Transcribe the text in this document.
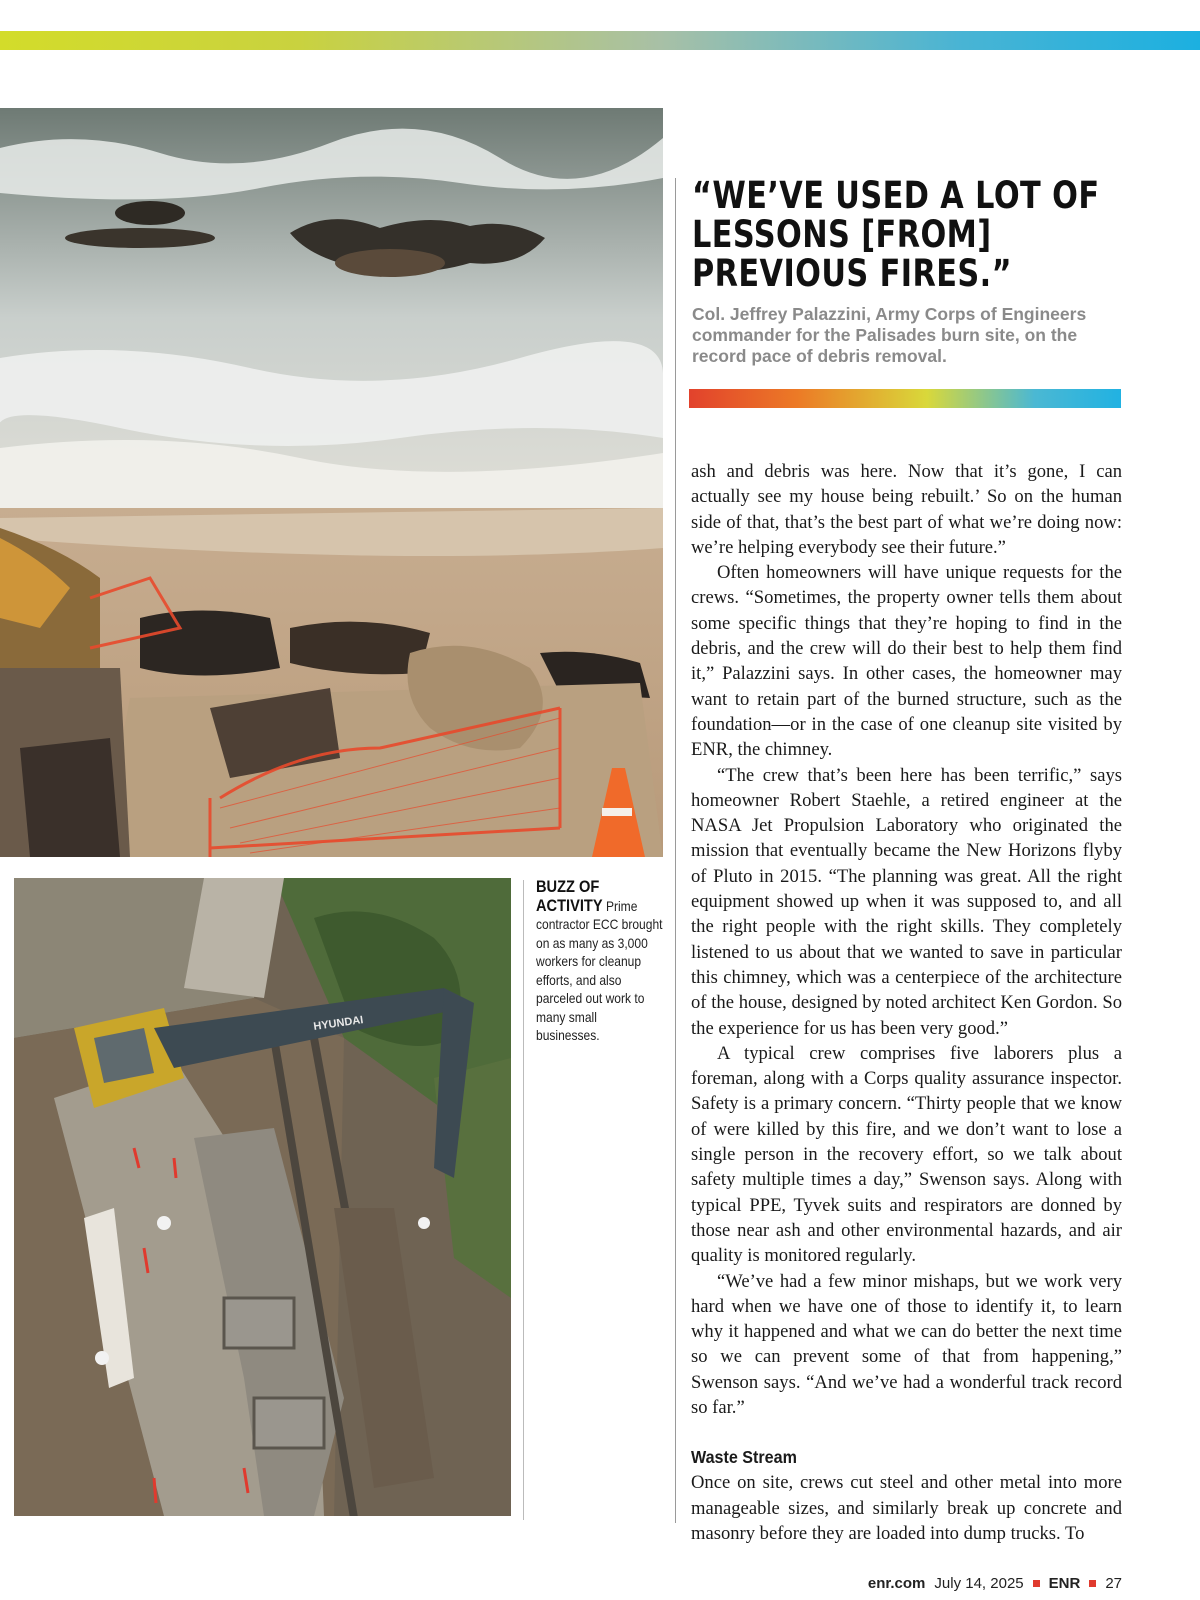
HYUNDAI
BUZZ OF ACTIVITY Prime contractor ECC brought on as many as 3,000 workers for cleanup efforts, and also parceled out work to many small businesses.

“WE’VE USED A LOT OF LESSONS [FROM] PREVIOUS FIRES.”

Col. Jeffrey Palazzini, Army Corps of Engineers commander for the Palisades burn site, on the record pace of debris removal.

ash and debris was here. Now that it’s gone, I can actually see my house being rebuilt.’ So on the human side of that, that’s the best part of what we’re doing now: we’re helping everybody see their future.”

Often homeowners will have unique requests for the crews. “Sometimes, the property owner tells them about some specific things that they’re hoping to find in the debris, and the crew will do their best to help them find it,” Palazzini says. In other cases, the homeowner may want to retain part of the burned structure, such as the foundation—or in the case of one cleanup site visited by ENR, the chimney.

“The crew that’s been here has been terrific,” says homeowner Robert Staehle, a retired engineer at the NASA Jet Propulsion Laboratory who originated the mission that eventually became the New Horizons flyby of Pluto in 2015. “The planning was great. All the right equipment showed up when it was supposed to, and all the right people with the right skills. They completely listened to us about that we wanted to save in particular this chimney, which was a centerpiece of the architecture of the house, designed by noted architect Ken Gordon. So the experience for us has been very good.”

A typical crew comprises five laborers plus a foreman, along with a Corps quality assurance inspector. Safety is a primary concern. “Thirty people that we know of were killed by this fire, and we don’t want to lose a single person in the recovery effort, so we talk about safety multiple times a day,” Swenson says. Along with typical PPE, Tyvek suits and respirators are donned by those near ash and other environmental hazards, and air quality is monitored regularly.

“We’ve had a few minor mishaps, but we work very hard when we have one of those to identify it, to learn why it happened and what we can do better the next time so we can prevent some of that from happening,” Swenson says. “And we’ve had a wonderful track record so far.”

Waste Stream

Once on site, crews cut steel and other metal into more manageable sizes, and similarly break up concrete and masonry before they are loaded into dump trucks. To

enr.com July 14, 2025 ENR 27
